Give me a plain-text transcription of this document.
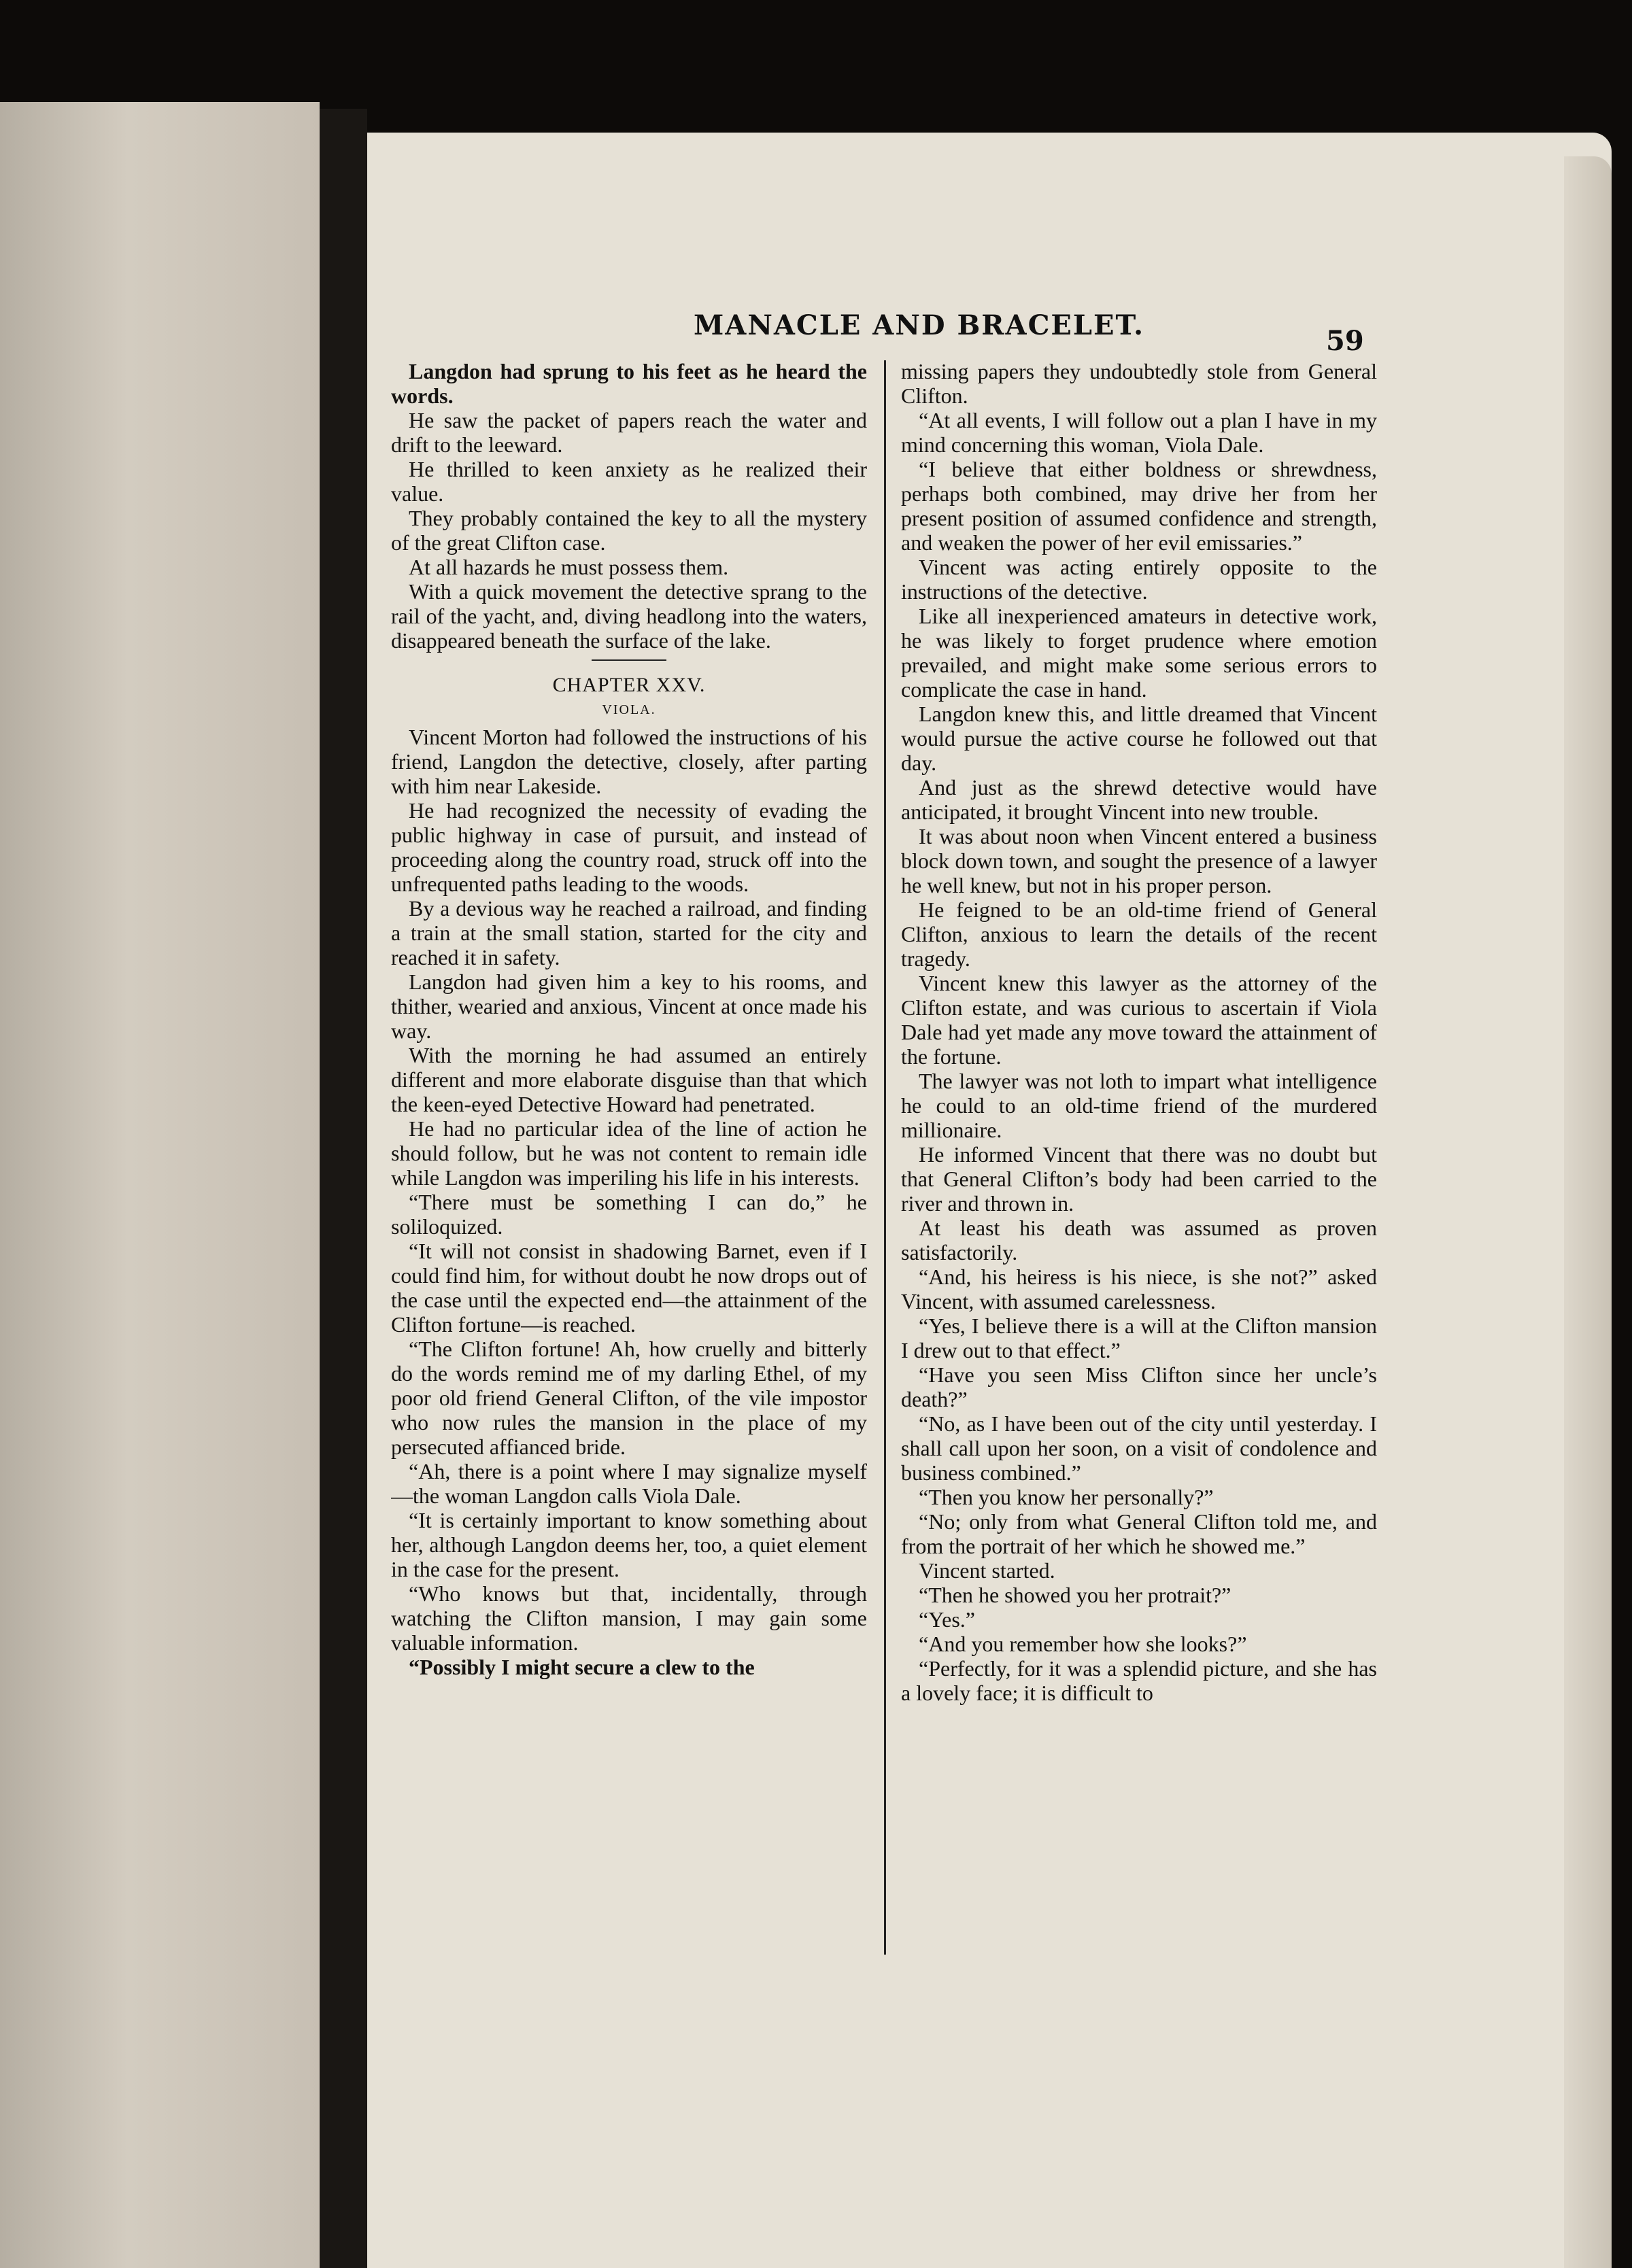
MANACLE AND BRACELET.	59

Langdon had sprung to his feet as he heard the words.

He saw the packet of papers reach the water and drift to the leeward.

He thrilled to keen anxiety as he realized their value.

They probably contained the key to all the mystery of the great Clifton case.

At all hazards he must possess them.

With a quick movement the detective sprang to the rail of the yacht, and, diving headlong into the waters, disappeared beneath the surface of the lake.

CHAPTER XXV.

VIOLA.

Vincent Morton had followed the instructions of his friend, Langdon the detective, closely, after parting with him near Lakeside.

He had recognized the necessity of evading the public highway in case of pursuit, and instead of proceeding along the country road, struck off into the unfrequented paths leading to the woods.

By a devious way he reached a railroad, and finding a train at the small station, started for the city and reached it in safety.

Langdon had given him a key to his rooms, and thither, wearied and anxious, Vincent at once made his way.

With the morning he had assumed an entirely different and more elaborate disguise than that which the keen-eyed Detective Howard had penetrated.

He had no particular idea of the line of action he should follow, but he was not content to remain idle while Langdon was imperiling his life in his interests.

“There must be something I can do,” he soliloquized.

“It will not consist in shadowing Barnet, even if I could find him, for without doubt he now drops out of the case until the expected end—the attainment of the Clifton fortune—is reached.

“The Clifton fortune! Ah, how cruelly and bitterly do the words remind me of my darling Ethel, of my poor old friend General Clifton, of the vile impostor who now rules the mansion in the place of my persecuted affianced bride.

“Ah, there is a point where I may signalize myself—the woman Langdon calls Viola Dale.

“It is certainly important to know something about her, although Langdon deems her, too, a quiet element in the case for the present.

“Who knows but that, incidentally, through watching the Clifton mansion, I may gain some valuable information.

“Possibly I might secure a clew to the

missing papers they undoubtedly stole from General Clifton.

“At all events, I will follow out a plan I have in my mind concerning this woman, Viola Dale.

“I believe that either boldness or shrewdness, perhaps both combined, may drive her from her present position of assumed confidence and strength, and weaken the power of her evil emissaries.”

Vincent was acting entirely opposite to the instructions of the detective.

Like all inexperienced amateurs in detective work, he was likely to forget prudence where emotion prevailed, and might make some serious errors to complicate the case in hand.

Langdon knew this, and little dreamed that Vincent would pursue the active course he followed out that day.

And just as the shrewd detective would have anticipated, it brought Vincent into new trouble.

It was about noon when Vincent entered a business block down town, and sought the presence of a lawyer he well knew, but not in his proper person.

He feigned to be an old-time friend of General Clifton, anxious to learn the details of the recent tragedy.

Vincent knew this lawyer as the attorney of the Clifton estate, and was curious to ascertain if Viola Dale had yet made any move toward the attainment of the fortune.

The lawyer was not loth to impart what intelligence he could to an old-time friend of the murdered millionaire.

He informed Vincent that there was no doubt but that General Clifton’s body had been carried to the river and thrown in.

At least his death was assumed as proven satisfactorily.

“And, his heiress is his niece, is she not?” asked Vincent, with assumed carelessness.

“Yes, I believe there is a will at the Clifton mansion I drew out to that effect.”

“Have you seen Miss Clifton since her uncle’s death?”

“No, as I have been out of the city until yesterday. I shall call upon her soon, on a visit of condolence and business combined.”

“Then you know her personally?”

“No; only from what General Clifton told me, and from the portrait of her which he showed me.”

Vincent started.

“Then he showed you her protrait?”

“Yes.”

“And you remember how she looks?”

“Perfectly, for it was a splendid picture, and she has a lovely face; it is difficult to
